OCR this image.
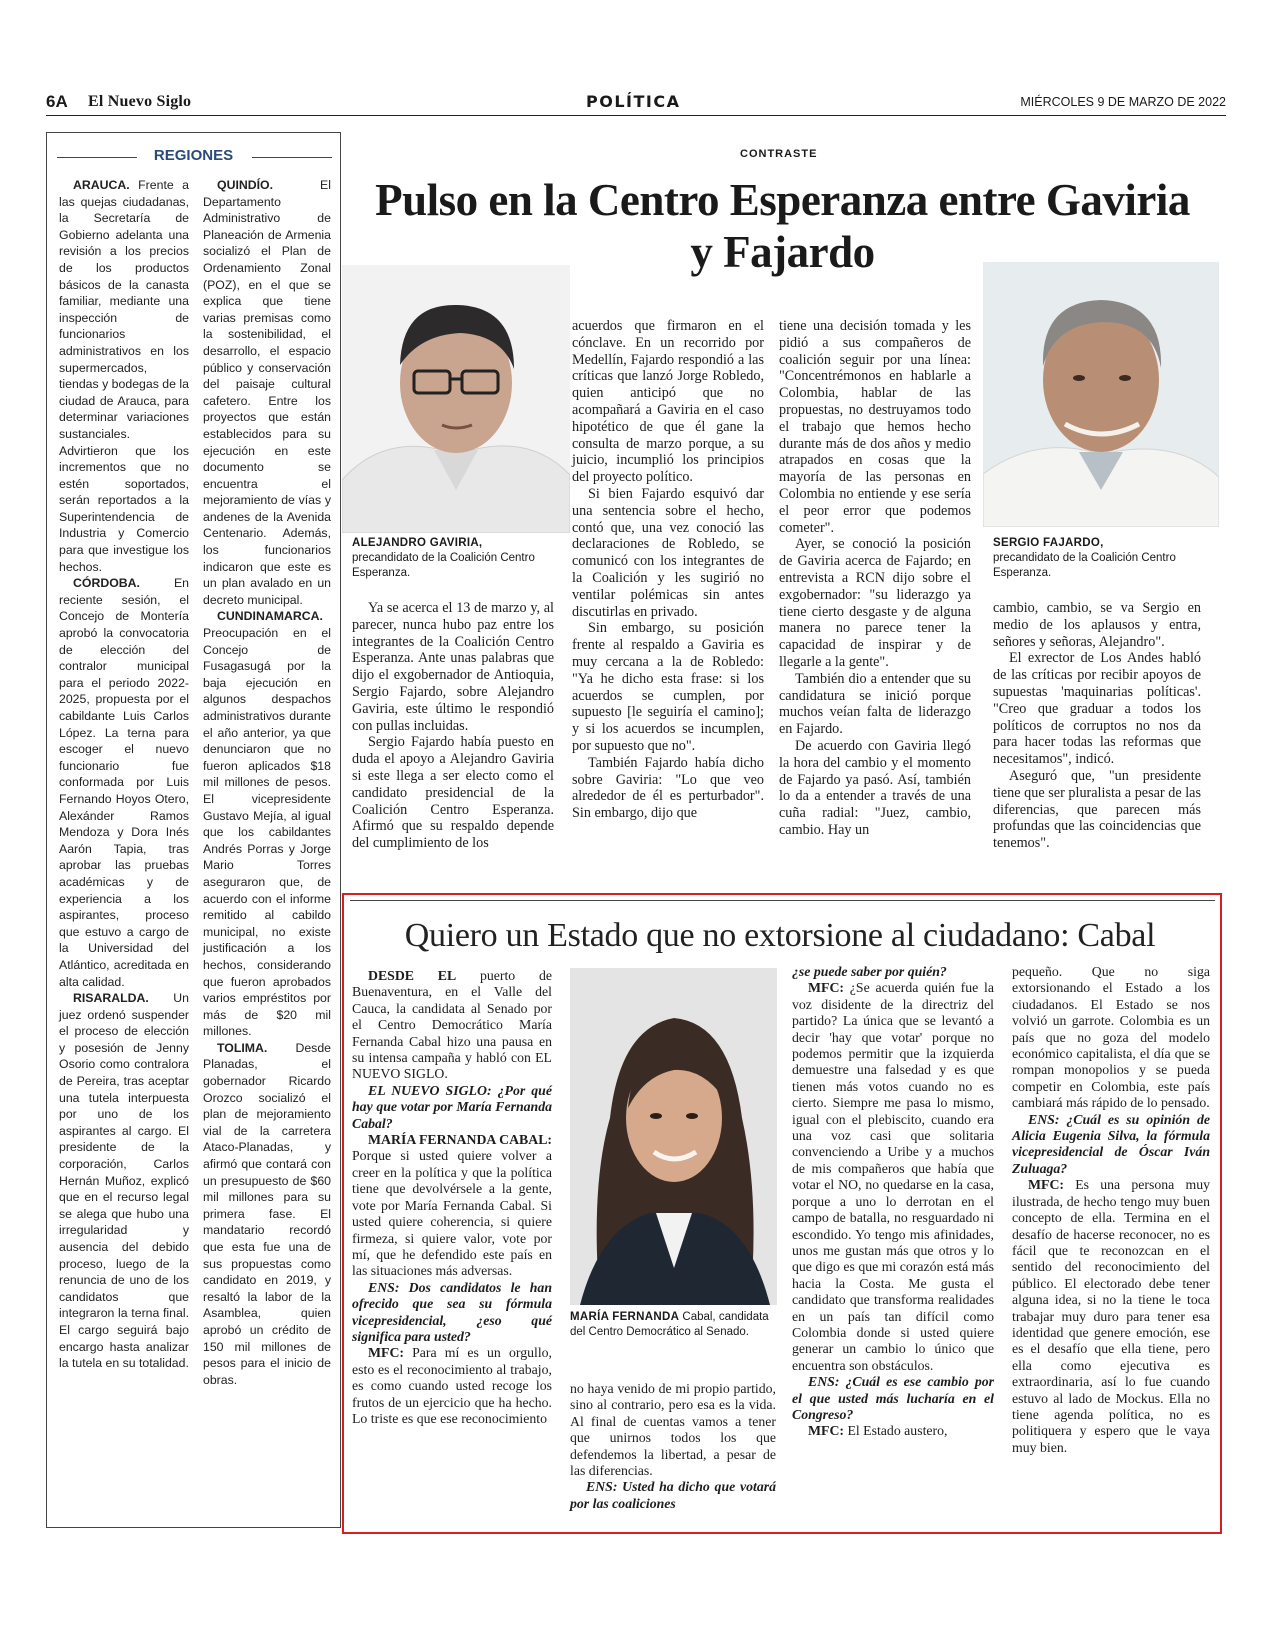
6A El Nuevo Siglo	POLÍTICA	MIÉRCOLES 9 DE MARZO DE 2022
REGIONES

ARAUCA. Frente a las quejas ciudadanas, la Secretaría de Gobierno adelanta una revisión a los precios de los productos básicos de la canasta familiar, mediante una inspección de funcionarios administrativos en los supermercados, tiendas y bodegas de la ciudad de Arauca, para determinar variaciones sustanciales. Advirtieron que los incrementos que no estén soportados, serán reportados a la Superintendencia de Industria y Comercio para que investigue los hechos.

CÓRDOBA. En reciente sesión, el Concejo de Montería aprobó la convocatoria de elección del contralor municipal para el periodo 2022-2025, propuesta por el cabildante Luis Carlos López. La terna para escoger el nuevo funcionario fue conformada por Luis Fernando Hoyos Otero, Alexánder Ramos Mendoza y Dora Inés Aarón Tapia, tras aprobar las pruebas académicas y de experiencia a los aspirantes, proceso que estuvo a cargo de la Universidad del Atlántico, acreditada en alta calidad.

RISARALDA. Un juez ordenó suspender el proceso de elección y posesión de Jenny Osorio como contralora de Pereira, tras aceptar una tutela interpuesta por uno de los aspirantes al cargo. El presidente de la corporación, Carlos Hernán Muñoz, explicó que en el recurso legal se alega que hubo una irregularidad y ausencia del debido proceso, luego de la renuncia de uno de los candidatos que integraron la terna final. El cargo seguirá bajo encargo hasta analizar la tutela en su totalidad.

QUINDÍO. El Departamento Administrativo de Planeación de Armenia socializó el Plan de Ordenamiento Zonal (POZ), en el que se explica que tiene varias premisas como la sostenibilidad, el desarrollo, el espacio público y conservación del paisaje cultural cafetero. Entre los proyectos que están establecidos para su ejecución en este documento se encuentra el mejoramiento de vías y andenes de la Avenida Centenario. Además, los funcionarios indicaron que este es un plan avalado en un decreto municipal.

CUNDINAMARCA. Preocupación en el Concejo de Fusagasugá por la baja ejecución en algunos despachos administrativos durante el año anterior, ya que denunciaron que no fueron aplicados $18 mil millones de pesos. El vicepresidente Gustavo Mejía, al igual que los cabildantes Andrés Porras y Jorge Mario Torres aseguraron que, de acuerdo con el informe remitido al cabildo municipal, no existe justificación a los hechos, considerando que fueron aprobados varios empréstitos por más de $20 mil millones.

TOLIMA. Desde Planadas, el gobernador Ricardo Orozco socializó el plan de mejoramiento vial de la carretera Ataco-Planadas, y afirmó que contará con un presupuesto de $60 mil millones para su primera fase. El mandatario recordó que esta fue una de sus propuestas como candidato en 2019, y resaltó la labor de la Asamblea, quien aprobó un crédito de 150 mil millones de pesos para el inicio de obras.

CONTRASTE
Pulso en la Centro Esperanza entre Gaviria y Fajardo
ALEJANDRO GAVIRIA,
precandidato de la Coalición Centro Esperanza.
SERGIO FAJARDO,
precandidato de la Coalición Centro Esperanza.

Ya se acerca el 13 de marzo y, al parecer, nunca hubo paz entre los integrantes de la Coalición Centro Esperanza. Ante unas palabras que dijo el exgobernador de Antioquia, Sergio Fajardo, sobre Alejandro Gaviria, este último le respondió con pullas incluidas.

Sergio Fajardo había puesto en duda el apoyo a Alejandro Gaviria si este llega a ser electo como el candidato presidencial de la Coalición Centro Esperanza. Afirmó que su respaldo depende del cumplimiento de los

acuerdos que firmaron en el cónclave. En un recorrido por Medellín, Fajardo respondió a las críticas que lanzó Jorge Robledo, quien anticipó que no acompañará a Gaviria en el caso hipotético de que él gane la consulta de marzo porque, a su juicio, incumplió los principios del proyecto político.

Si bien Fajardo esquivó dar una sentencia sobre el hecho, contó que, una vez conoció las declaraciones de Robledo, se comunicó con los integrantes de la Coalición y les sugirió no ventilar polémicas sin antes discutirlas en privado.

Sin embargo, su posición frente al respaldo a Gaviria es muy cercana a la de Robledo: "Ya he dicho esta frase: si los acuerdos se cumplen, por supuesto [le seguiría el camino]; y si los acuerdos se incumplen, por supuesto que no".

También Fajardo había dicho sobre Gaviria: "Lo que veo alrededor de él es perturbador". Sin embargo, dijo que

tiene una decisión tomada y les pidió a sus compañeros de coalición seguir por una línea: "Concentrémonos en hablarle a Colombia, hablar de las propuestas, no destruyamos todo el trabajo que hemos hecho durante más de dos años y medio atrapados en cosas que la mayoría de las personas en Colombia no entiende y ese sería el peor error que podemos cometer".

Ayer, se conoció la posición de Gaviria acerca de Fajardo; en entrevista a RCN dijo sobre el exgobernador: "su liderazgo ya tiene cierto desgaste y de alguna manera no parece tener la capacidad de inspirar y de llegarle a la gente".

También dio a entender que su candidatura se inició porque muchos veían falta de liderazgo en Fajardo.

De acuerdo con Gaviria llegó la hora del cambio y el momento de Fajardo ya pasó. Así, también lo da a entender a través de una cuña radial: "Juez, cambio, cambio. Hay un

cambio, cambio, se va Sergio en medio de los aplausos y entra, señores y señoras, Alejandro".

El exrector de Los Andes habló de las críticas por recibir apoyos de supuestas 'maquinarias políticas'. "Creo que graduar a todos los políticos de corruptos no nos da para hacer todas las reformas que necesitamos", indicó.

Aseguró que, "un presidente tiene que ser pluralista a pesar de las diferencias, que parecen más profundas que las coincidencias que tenemos".

Quiero un Estado que no extorsione al ciudadano: Cabal

DESDE EL puerto de Buenaventura, en el Valle del Cauca, la candidata al Senado por el Centro Democrático María Fernanda Cabal hizo una pausa en su intensa campaña y habló con EL NUEVO SIGLO.

EL NUEVO SIGLO: ¿Por qué hay que votar por María Fernanda Cabal?

MARÍA FERNANDA CABAL: Porque si usted quiere volver a creer en la política y que la política tiene que devolvérsele a la gente, vote por María Fernanda Cabal. Si usted quiere coherencia, si quiere firmeza, si quiere valor, vote por mí, que he defendido este país en las situaciones más adversas.

ENS: Dos candidatos le han ofrecido que sea su fórmula vicepresidencial, ¿eso qué significa para usted?

MFC: Para mí es un orgullo, esto es el reconocimiento al trabajo, es como cuando usted recoge los frutos de un ejercicio que ha hecho. Lo triste es que ese reconocimiento

MARÍA FERNANDA Cabal, candidata del Centro Democrático al Senado.

no haya venido de mi propio partido, sino al contrario, pero esa es la vida. Al final de cuentas vamos a tener que unirnos todos los que defendemos la libertad, a pesar de las diferencias.

ENS: Usted ha dicho que votará por las coaliciones

¿se puede saber por quién?

MFC: ¿Se acuerda quién fue la voz disidente de la directriz del partido? La única que se levantó a decir 'hay que votar' porque no podemos permitir que la izquierda demuestre una falsedad y es que tienen más votos cuando no es cierto. Siempre me pasa lo mismo, igual con el plebiscito, cuando era una voz casi que solitaria convenciendo a Uribe y a muchos de mis compañeros que había que votar el NO, no quedarse en la casa, porque a uno lo derrotan en el campo de batalla, no resguardado ni escondido. Yo tengo mis afinidades, unos me gustan más que otros y lo que digo es que mi corazón está más hacia la Costa. Me gusta el candidato que transforma realidades en un país tan difícil como Colombia donde si usted quiere generar un cambio lo único que encuentra son obstáculos.

ENS: ¿Cuál es ese cambio por el que usted más lucharía en el Congreso?

MFC: El Estado austero,

pequeño. Que no siga extorsionando el Estado a los ciudadanos. El Estado se nos volvió un garrote. Colombia es un país que no goza del modelo económico capitalista, el día que se rompan monopolios y se pueda competir en Colombia, este país cambiará más rápido de lo pensado.

ENS: ¿Cuál es su opinión de Alicia Eugenia Silva, la fórmula vicepresidencial de Óscar Iván Zuluaga?

MFC: Es una persona muy ilustrada, de hecho tengo muy buen concepto de ella. Termina en el desafío de hacerse reconocer, no es fácil que te reconozcan en el sentido del reconocimiento del público. El electorado debe tener alguna idea, si no la tiene le toca trabajar muy duro para tener esa identidad que genere emoción, ese es el desafío que ella tiene, pero ella como ejecutiva es extraordinaria, así lo fue cuando estuvo al lado de Mockus. Ella no tiene agenda política, no es politiquera y espero que le vaya muy bien.
